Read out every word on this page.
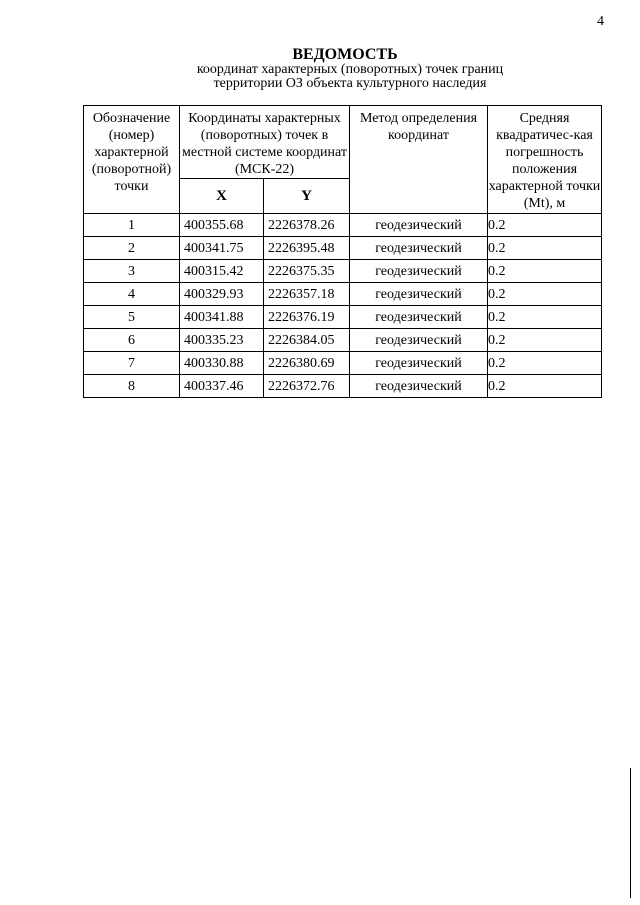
4
ВЕДОМОСТЬ
координат характерных (поворотных) точек границ
территории ОЗ объекта культурного наследия
Обозначение (номер) характерной (поворотной) точки	Координаты характерных (поворотных) точек в местной системе координат (МСК-22)		Метод определения координат	Средняя квадратичес-кая погрешность положения характерной точки (Mt), м
	X	Y		
1	400355.68	2226378.26	геодезический	0.2
2	400341.75	2226395.48	геодезический	0.2
3	400315.42	2226375.35	геодезический	0.2
4	400329.93	2226357.18	геодезический	0.2
5	400341.88	2226376.19	геодезический	0.2
6	400335.23	2226384.05	геодезический	0.2
7	400330.88	2226380.69	геодезический	0.2
8	400337.46	2226372.76	геодезический	0.2
